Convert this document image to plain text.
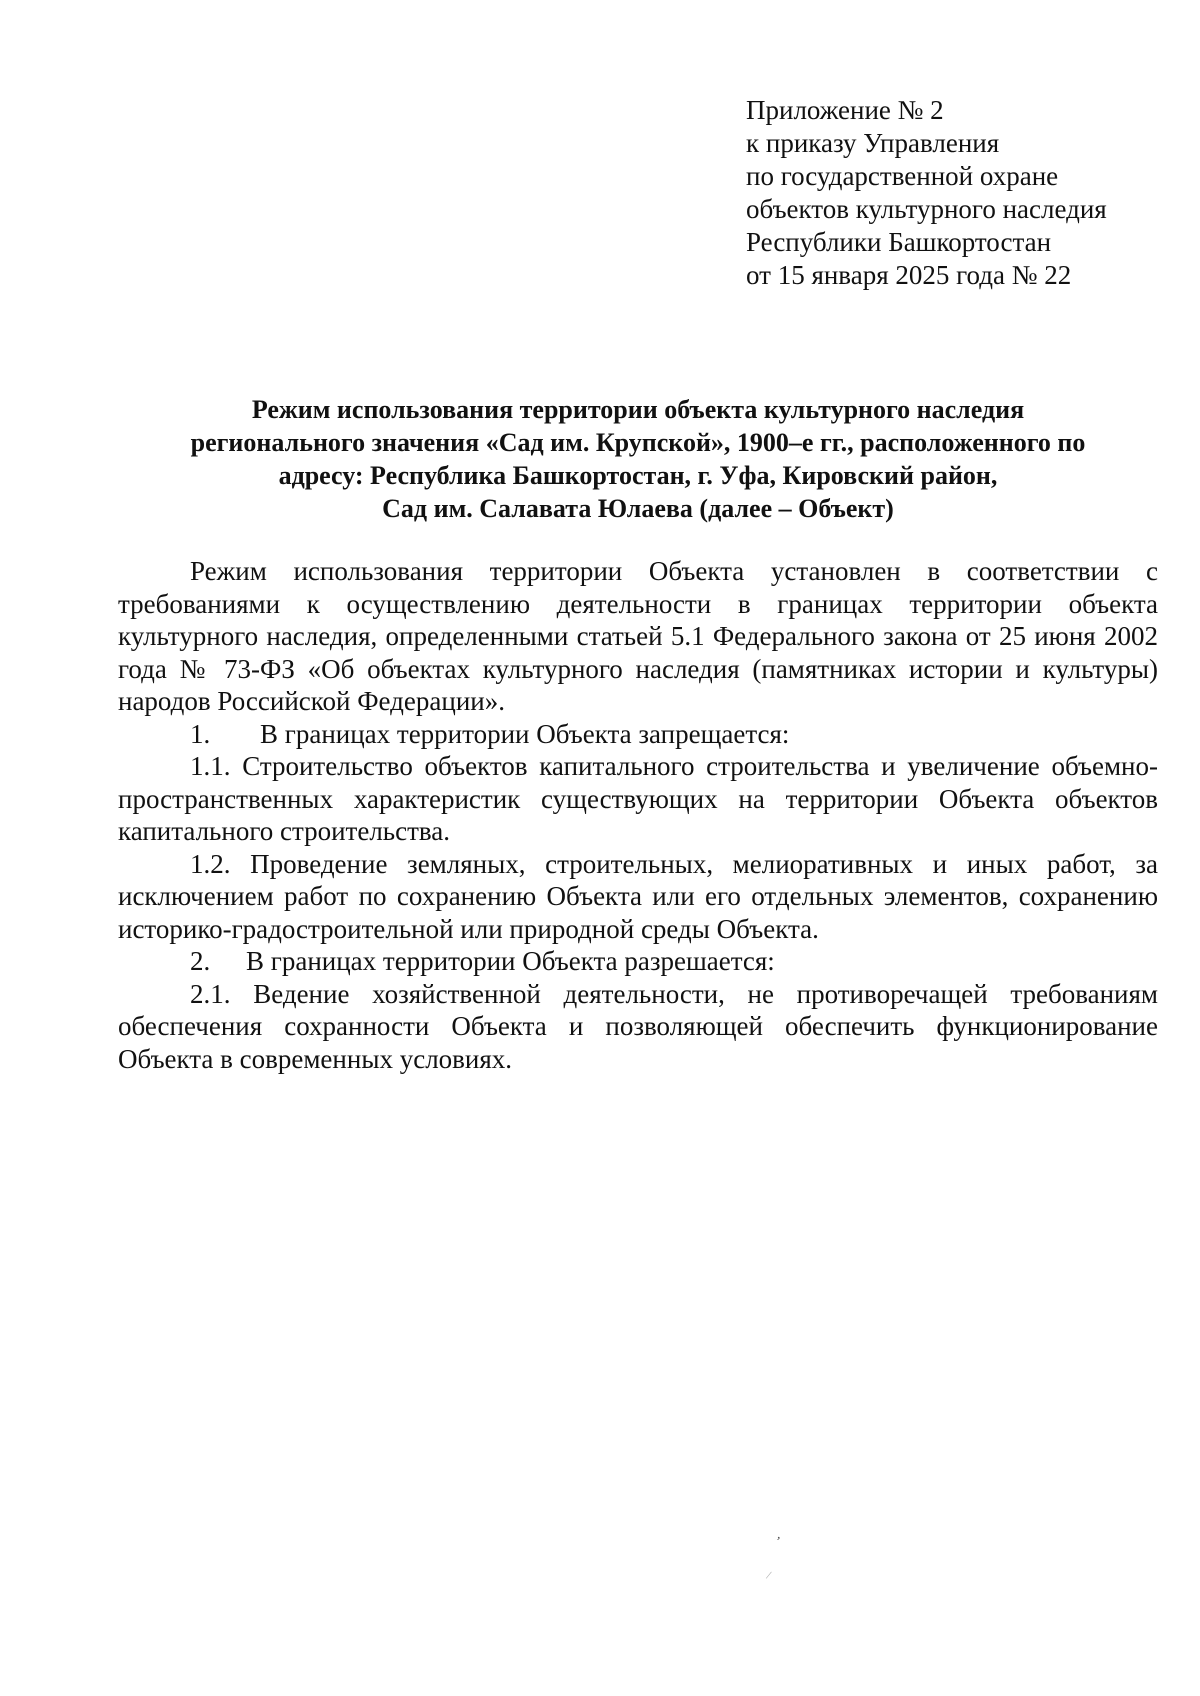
Приложение № 2
к приказу Управления
по государственной охране
объектов культурного наследия
Республики Башкортостан
от 15 января 2025 года № 22
Режим использования территории объекта культурного наследия
регионального значения «Сад им. Крупской», 1900–е гг., расположенного по
адресу: Республика Башкортостан, г. Уфа, Кировский район,
Сад им. Салавата Юлаева (далее – Объект)

Режим использования территории Объекта установлен в соответствии с требованиями к осуществлению деятельности в границах территории объекта культурного наследия, определенными статьей 5.1 Федерального закона от 25 июня 2002 года № 73-ФЗ «Об объектах культурного наследия (памятниках истории и культуры) народов Российской Федерации».

1.	В границах территории Объекта запрещается:

1.1. Строительство объектов капитального строительства и увеличение объемно-пространственных характеристик существующих на территории Объекта объектов капитального строительства.

1.2. Проведение земляных, строительных, мелиоративных и иных работ, за исключением работ по сохранению Объекта или его отдельных элементов, сохранению историко-градостроительной или природной среды Объекта.

2.	В границах территории Объекта разрешается:

2.1. Ведение хозяйственной деятельности, не противоречащей требованиям обеспечения сохранности Объекта и позволяющей обеспечить функционирование Объекта в современных условиях.

’
/
